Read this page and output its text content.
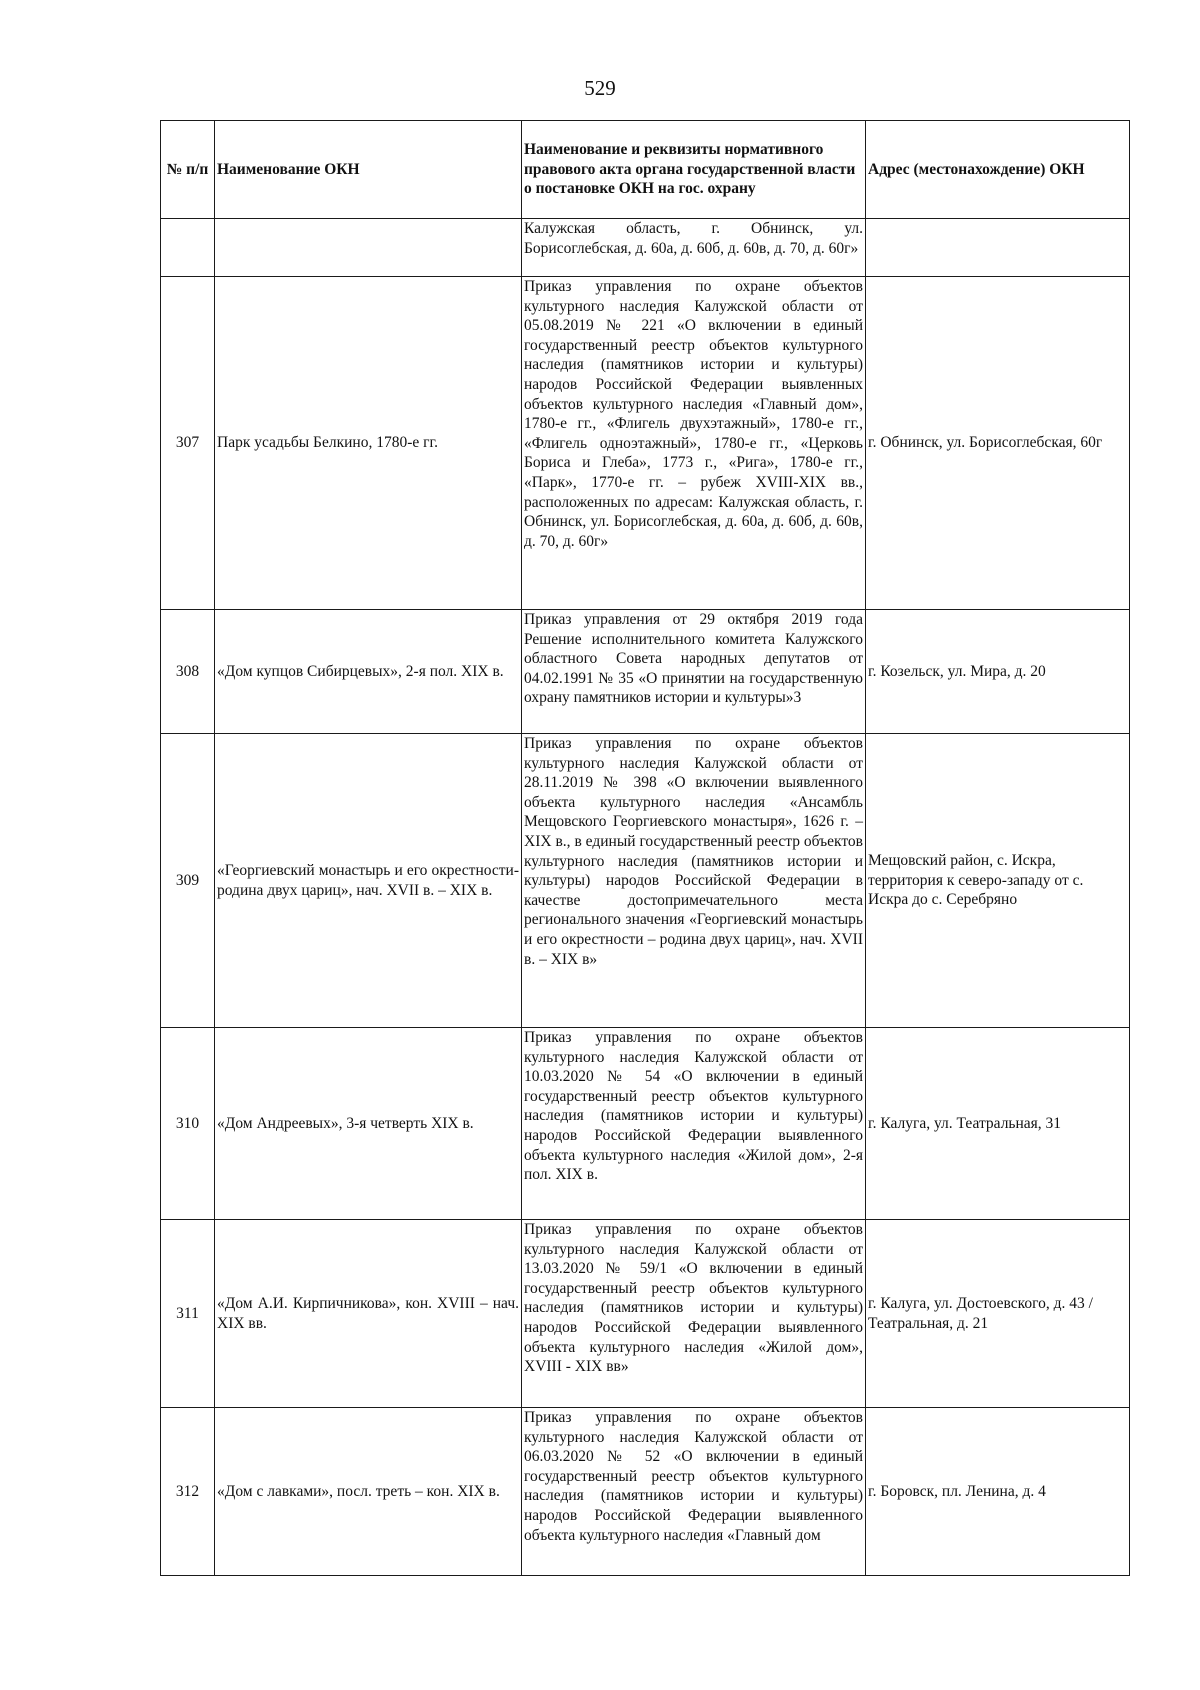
529
№ п/п	Наименование ОКН	Наименование и реквизиты нормативного правового акта органа государственной власти о постановке ОКН на гос. охрану	Адрес (местонахождение) ОКН
		Калужская область, г. Обнинск, ул. Борисоглебская, д. 60а, д. 60б, д. 60в, д. 70, д. 60г»	
307	Парк усадьбы Белкино, 1780-е гг.	Приказ управления по охране объектов культурного наследия Калужской области от 05.08.2019 № 221 «О включении в единый государственный реестр объектов культурного наследия (памятников истории и культуры) народов Российской Федерации выявленных объектов культурного наследия «Главный дом», 1780-е гг., «Флигель двухэтажный», 1780-е гг., «Флигель одноэтажный», 1780-е гг., «Церковь Бориса и Глеба», 1773 г., «Рига», 1780-е гг., «Парк», 1770-е гг. – рубеж XVIII-XIX вв., расположенных по адресам: Калужская область, г. Обнинск, ул. Борисоглебская, д. 60а, д. 60б, д. 60в, д. 70, д. 60г»	г. Обнинск, ул. Борисоглебская, 60г
308	«Дом купцов Сибирцевых», 2-я пол. XIX в.	Приказ управления от 29 октября 2019 года Решение исполнительного комитета Калужского областного Совета народных депутатов от 04.02.1991 № 35 «О принятии на государственную охрану памятников истории и культуры»3	г. Козельск, ул. Мира, д. 20
309	«Георгиевский монастырь и его окрестности-родина двух цариц», нач. XVII в. – XIX в.	Приказ управления по охране объектов культурного наследия Калужской области от 28.11.2019 № 398 «О включении выявленного объекта культурного наследия «Ансамбль Мещовского Георгиевского монастыря», 1626 г. – XIX в., в единый государственный реестр объектов культурного наследия (памятников истории и культуры) народов Российской Федерации в качестве достопримечательного места регионального значения «Георгиевский монастырь и его окрестности – родина двух цариц», нач. XVII в. – XIX в»	Мещовский район, с. Искра, территория к северо-западу от с. Искра до с. Серебряно
310	«Дом Андреевых», 3-я четверть XIX в.	Приказ управления по охране объектов культурного наследия Калужской области от 10.03.2020 № 54 «О включении в единый государственный реестр объектов культурного наследия (памятников истории и культуры) народов Российской Федерации выявленного объекта культурного наследия «Жилой дом», 2-я пол. XIX в.	г. Калуга, ул. Театральная, 31
311	«Дом А.И. Кирпичникова», кон. XVIII – нач. XIX вв.	Приказ управления по охране объектов культурного наследия Калужской области от 13.03.2020 № 59/1 «О включении в единый государственный реестр объектов культурного наследия (памятников истории и культуры) народов Российской Федерации выявленного объекта культурного наследия «Жилой дом», XVIII - XIX вв»	г. Калуга, ул. Достоевского, д. 43 / Театральная, д. 21
312	«Дом с лавками», посл. треть – кон. XIX в.	Приказ управления по охране объектов культурного наследия Калужской области от 06.03.2020 № 52 «О включении в единый государственный реестр объектов культурного наследия (памятников истории и культуры) народов Российской Федерации выявленного объекта культурного наследия «Главный дом	г. Боровск, пл. Ленина, д. 4
